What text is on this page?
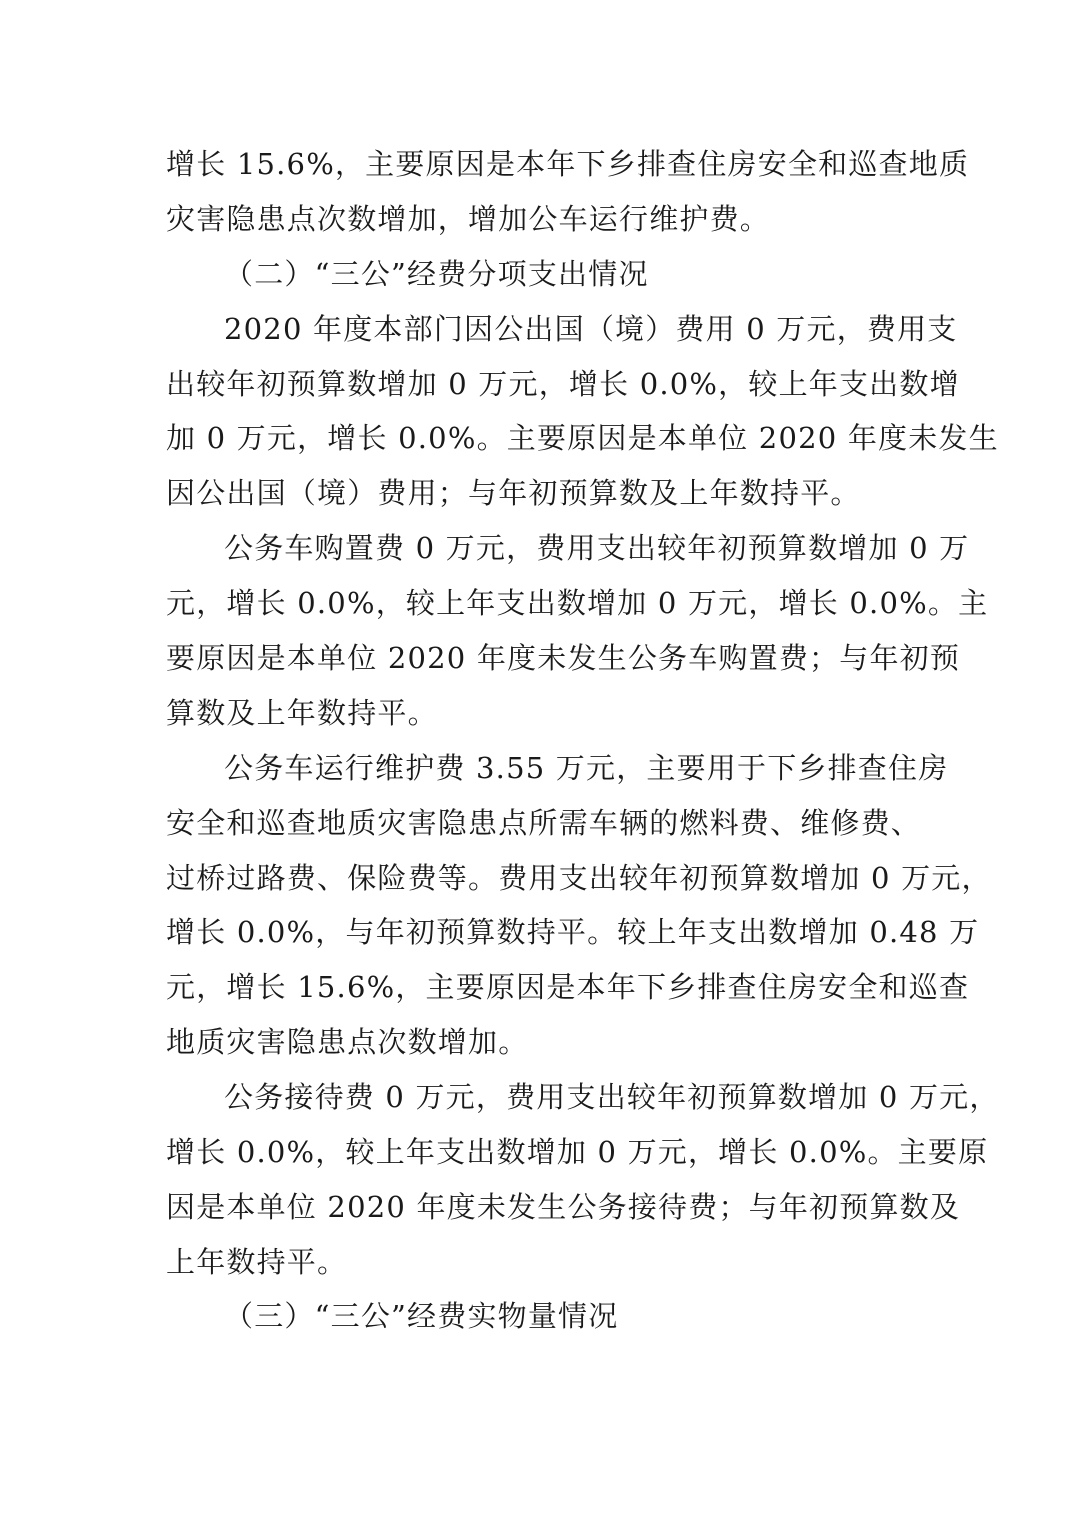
增长 15.6%，主要原因是本年下乡排查住房安全和巡查地质
灾害隐患点次数增加，增加公车运行维护费。
（二）“三公”经费分项支出情况
2020 年度本部门因公出国（境）费用 0 万元，费用支
出较年初预算数增加 0 万元，增长 0.0%，较上年支出数增
加 0 万元，增长 0.0%。主要原因是本单位 2020 年度未发生
因公出国（境）费用；与年初预算数及上年数持平。
公务车购置费 0 万元，费用支出较年初预算数增加 0 万
元，增长 0.0%，较上年支出数增加 0 万元，增长 0.0%。主
要原因是本单位 2020 年度未发生公务车购置费；与年初预
算数及上年数持平。
公务车运行维护费 3.55 万元，主要用于下乡排查住房
安全和巡查地质灾害隐患点所需车辆的燃料费、维修费、
过桥过路费、保险费等。费用支出较年初预算数增加 0 万元，
增长 0.0%，与年初预算数持平。较上年支出数增加 0.48 万
元，增长 15.6%，主要原因是本年下乡排查住房安全和巡查
地质灾害隐患点次数增加。
公务接待费 0 万元，费用支出较年初预算数增加 0 万元，
增长 0.0%，较上年支出数增加 0 万元，增长 0.0%。主要原
因是本单位 2020 年度未发生公务接待费；与年初预算数及
上年数持平。
（三）“三公”经费实物量情况
